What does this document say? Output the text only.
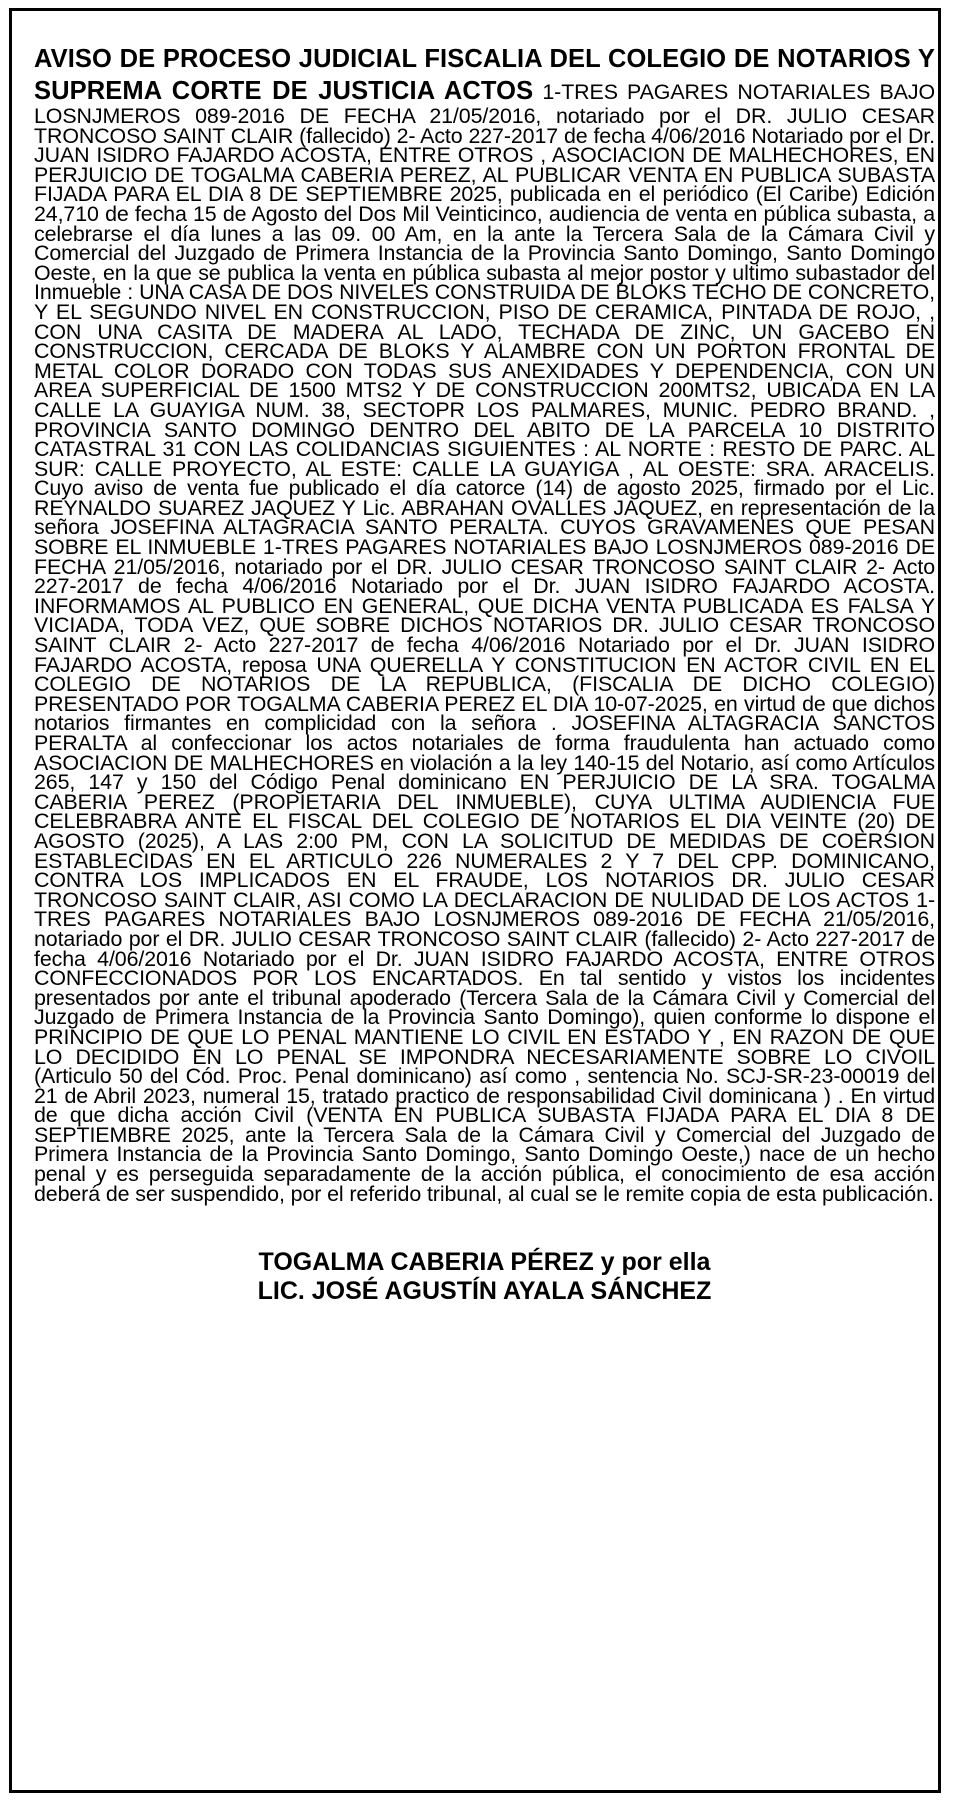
AVISO DE PROCESO JUDICIAL FISCALIA DEL COLEGIO DE NOTARIOS Y SUPREMA CORTE DE JUSTICIA ACTOS 1-TRES PAGARES NOTARIALES BAJO LOSNJMEROS 089-2016 DE FECHA 21/05/2016, notariado por el DR. JULIO CESAR TRONCOSO SAINT CLAIR (fallecido) 2- Acto 227-2017 de fecha 4/06/2016 Notariado por el Dr. JUAN ISIDRO FAJARDO ACOSTA, ENTRE OTROS , ASOCIACION DE MALHECHORES, EN PERJUICIO DE TOGALMA CABERIA PEREZ, AL PUBLICAR VENTA EN PUBLICA SUBASTA FIJADA PARA EL DIA 8 DE SEPTIEMBRE 2025, publicada en el periódico (El Caribe) Edición 24,710 de fecha 15 de Agosto del Dos Mil Veinticinco, audiencia de venta en pública subasta, a celebrarse el día lunes a las 09. 00 Am, en la ante la Tercera Sala de la Cámara Civil y Comercial del Juzgado de Primera Instancia de la Provincia Santo Domingo, Santo Domingo Oeste, en la que se publica la venta en pública subasta al mejor postor y ultimo subastador del Inmueble : UNA CASA DE DOS NIVELES CONSTRUIDA DE BLOKS TECHO DE CONCRETO, Y EL SEGUNDO NIVEL EN CONSTRUCCION, PISO DE CERAMICA, PINTADA DE ROJO, , CON UNA CASITA DE MADERA AL LADO, TECHADA DE ZINC, UN GACEBO EN CONSTRUCCION, CERCADA DE BLOKS Y ALAMBRE CON UN PORTON FRONTAL DE METAL COLOR DORADO CON TODAS SUS ANEXIDADES Y DEPENDENCIA, CON UN AREA SUPERFICIAL DE 1500 MTS2 Y DE CONSTRUCCION 200MTS2, UBICADA EN LA CALLE LA GUAYIGA NUM. 38, SECTOPR LOS PALMARES, MUNIC. PEDRO BRAND. , PROVINCIA SANTO DOMINGO DENTRO DEL ABITO DE LA PARCELA 10 DISTRITO CATASTRAL 31 CON LAS COLIDANCIAS SIGUIENTES : AL NORTE : RESTO DE PARC. AL SUR: CALLE PROYECTO, AL ESTE: CALLE LA GUAYIGA , AL OESTE: SRA. ARACELIS. Cuyo aviso de venta fue publicado el día catorce (14) de agosto 2025, firmado por el Lic. REYNALDO SUAREZ JAQUEZ Y Lic. ABRAHAN OVALLES JAQUEZ, en representación de la señora JOSEFINA ALTAGRACIA SANTO PERALTA. CUYOS GRAVAMENES QUE PESAN SOBRE EL INMUEBLE 1-TRES PAGARES NOTARIALES BAJO LOSNJMEROS 089-2016 DE FECHA 21/05/2016, notariado por el DR. JULIO CESAR TRONCOSO SAINT CLAIR 2- Acto 227-2017 de fecha 4/06/2016 Notariado por el Dr. JUAN ISIDRO FAJARDO ACOSTA. INFORMAMOS AL PUBLICO EN GENERAL, QUE DICHA VENTA PUBLICADA ES FALSA Y VICIADA, TODA VEZ, QUE SOBRE DICHOS NOTARIOS DR. JULIO CESAR TRONCOSO SAINT CLAIR 2- Acto 227-2017 de fecha 4/06/2016 Notariado por el Dr. JUAN ISIDRO FAJARDO ACOSTA, reposa UNA QUERELLA Y CONSTITUCION EN ACTOR CIVIL EN EL COLEGIO DE NOTARIOS DE LA REPUBLICA, (FISCALIA DE DICHO COLEGIO) PRESENTADO POR TOGALMA CABERIA PEREZ EL DIA 10-07-2025, en virtud de que dichos notarios firmantes en complicidad con la señora . JOSEFINA ALTAGRACIA SANCTOS PERALTA al confeccionar los actos notariales de forma fraudulenta han actuado como ASOCIACION DE MALHECHORES en violación a la ley 140-15 del Notario, así como Artículos 265, 147 y 150 del Código Penal dominicano EN PERJUICIO DE LA SRA. TOGALMA CABERIA PEREZ (PROPIETARIA DEL INMUEBLE), CUYA ULTIMA AUDIENCIA FUE CELEBRABRA ANTE EL FISCAL DEL COLEGIO DE NOTARIOS EL DIA VEINTE (20) DE AGOSTO (2025), A LAS 2:00 PM, CON LA SOLICITUD DE MEDIDAS DE COERSION ESTABLECIDAS EN EL ARTICULO 226 NUMERALES 2 Y 7 DEL CPP. DOMINICANO, CONTRA LOS IMPLICADOS EN EL FRAUDE, LOS NOTARIOS DR. JULIO CESAR TRONCOSO SAINT CLAIR, ASI COMO LA DECLARACION DE NULIDAD DE LOS ACTOS 1-TRES PAGARES NOTARIALES BAJO LOSNJMEROS 089-2016 DE FECHA 21/05/2016, notariado por el DR. JULIO CESAR TRONCOSO SAINT CLAIR (fallecido) 2- Acto 227-2017 de fecha 4/06/2016 Notariado por el Dr. JUAN ISIDRO FAJARDO ACOSTA, ENTRE OTROS CONFECCIONADOS POR LOS ENCARTADOS. En tal sentido y vistos los incidentes presentados por ante el tribunal apoderado (Tercera Sala de la Cámara Civil y Comercial del Juzgado de Primera Instancia de la Provincia Santo Domingo), quien conforme lo dispone el PRINCIPIO DE QUE LO PENAL MANTIENE LO CIVIL EN ESTADO Y , EN RAZON DE QUE LO DECIDIDO EN LO PENAL SE IMPONDRA NECESARIAMENTE SOBRE LO CIVOIL (Articulo 50 del Cód. Proc. Penal dominicano) así como , sentencia No. SCJ-SR-23-00019 del 21 de Abril 2023, numeral 15, tratado practico de responsabilidad Civil dominicana ) . En virtud de que dicha acción Civil (VENTA EN PUBLICA SUBASTA FIJADA PARA EL DIA 8 DE SEPTIEMBRE 2025, ante la Tercera Sala de la Cámara Civil y Comercial del Juzgado de Primera Instancia de la Provincia Santo Domingo, Santo Domingo Oeste,) nace de un hecho penal y es perseguida separadamente de la acción pública, el conocimiento de esa acción deberá de ser suspendido, por el referido tribunal, al cual se le remite copia de esta publicación.

TOGALMA CABERIA PÉREZ y por ella
LIC. JOSÉ AGUSTÍN AYALA SÁNCHEZ
